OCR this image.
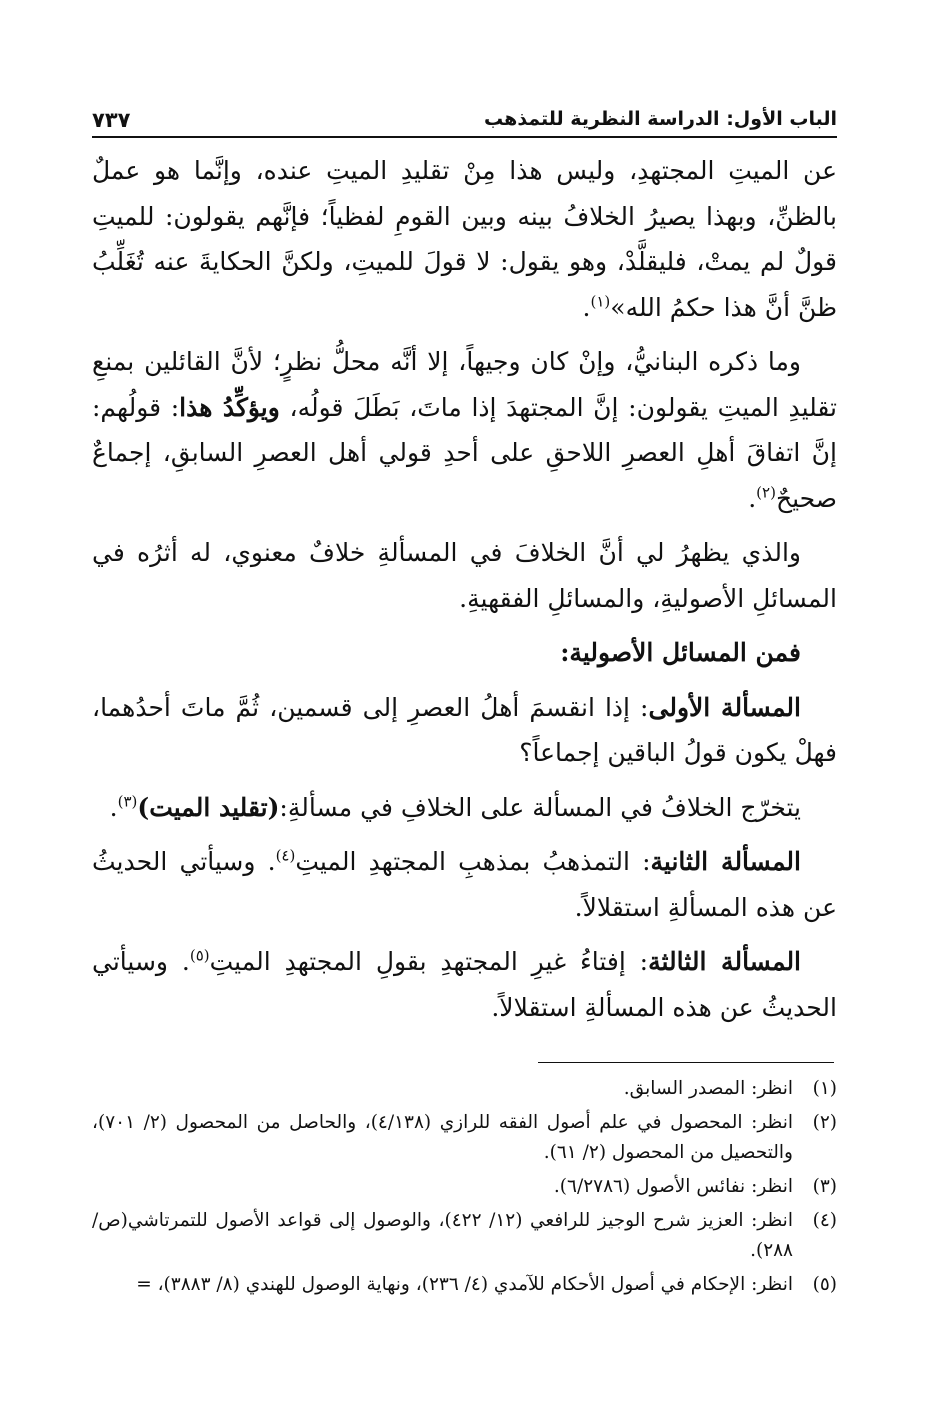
الباب الأول: الدراسة النظرية للتمذهب
٧٣٧

عن الميتِ المجتهدِ، وليس هذا مِنْ تقليدِ الميتِ عنده، وإنَّما هو عملٌ بالظنِّ، وبهذا يصيرُ الخلافُ بينه وبين القومِ لفظياً؛ فإنَّهم يقولون: للميتِ قولٌ لم يمتْ، فليقلَّدْ، وهو يقول: لا قولَ للميتِ، ولكنَّ الحكايةَ عنه تُغَلِّبُ ظنَّ أنَّ هذا حكمُ الله»$^{(١)}$.

وما ذكره البنانيُّ، وإنْ كان وجيهاً، إلا أنَّه محلُّ نظرٍ؛ لأنَّ القائلين بمنعِ تقليدِ الميتِ يقولون: إنَّ المجتهدَ إذا ماتَ، بَطَلَ قولُه، ويؤكِّدُ هذا: قولُهم: إنَّ اتفاقَ أهلِ العصرِ اللاحقِ على أحدِ قولي أهل العصرِ السابقِ، إجماعٌ صحيحٌ$^{(٢)}$.

والذي يظهرُ لي أنَّ الخلافَ في المسألةِ خلافٌ معنوي، له أثرُه في المسائلِ الأصوليةِ، والمسائلِ الفقهيةِ.

فمن المسائل الأصولية:

المسألة الأولى: إذا انقسمَ أهلُ العصرِ إلى قسمين، ثُمَّ ماتَ أحدُهما، فهلْ يكون قولُ الباقين إجماعاً؟

يتخرّج الخلافُ في المسألة على الخلافِ في مسألةِ:(تقليد الميت)$^{(٣)}$.

المسألة الثانية: التمذهبُ بمذهبِ المجتهدِ الميتِ$^{(٤)}$. وسيأتي الحديثُ عن هذه المسألةِ استقلالاً.

المسألة الثالثة: إفتاءُ غيرِ المجتهدِ بقولِ المجتهدِ الميتِ$^{(٥)}$. وسيأتي الحديثُ عن هذه المسألةِ استقلالاً.

(١)
انظر: المصدر السابق.
(٢)
انظر: المحصول في علم أصول الفقه للرازي (٤/١٣٨)، والحاصل من المحصول (٢/ ٧٠١)، والتحصيل من المحصول (٢/ ٦١).
(٣)
انظر: نفائس الأصول (٦/٢٧٨٦).
(٤)
انظر: العزيز شرح الوجيز للرافعي (١٢/ ٤٢٢)، والوصول إلى قواعد الأصول للتمرتاشي(ص/ ٢٨٨).
(٥)
انظر: الإحكام في أصول الأحكام للآمدي (٤/ ٢٣٦)، ونهاية الوصول للهندي (٨/ ٣٨٨٣)، =
